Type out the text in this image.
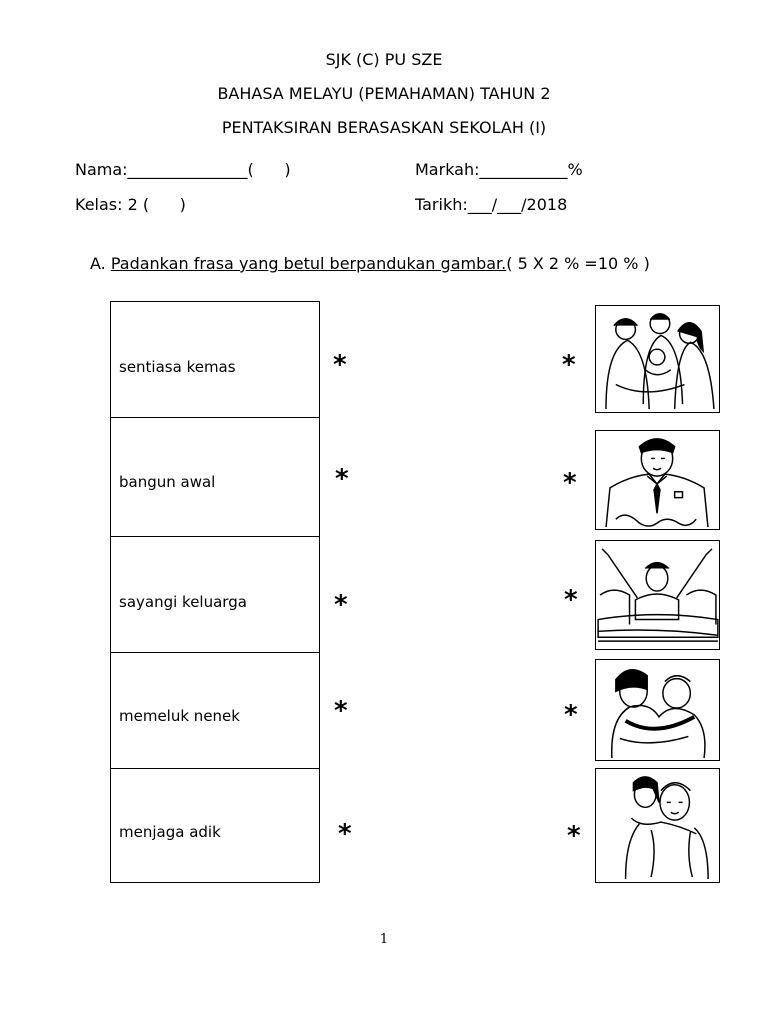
SJK (C) PU SZE
BAHASA MELAYU (PEMAHAMAN) TAHUN 2
PENTAKSIRAN BERASASKAN SEKOLAH (I)
Nama:_______________(      )	Markah:___________%
Kelas: 2 (      )	Tarikh:___/___/2018
A. Padankan frasa yang betul berpandukan gambar.( 5 X 2 % =10 % )
sentiasa kemas
bangun awal
sayangi keluarga
memeluk nenek
menjaga adik
*
*
*
*
*
*
*
*
*
*
1
